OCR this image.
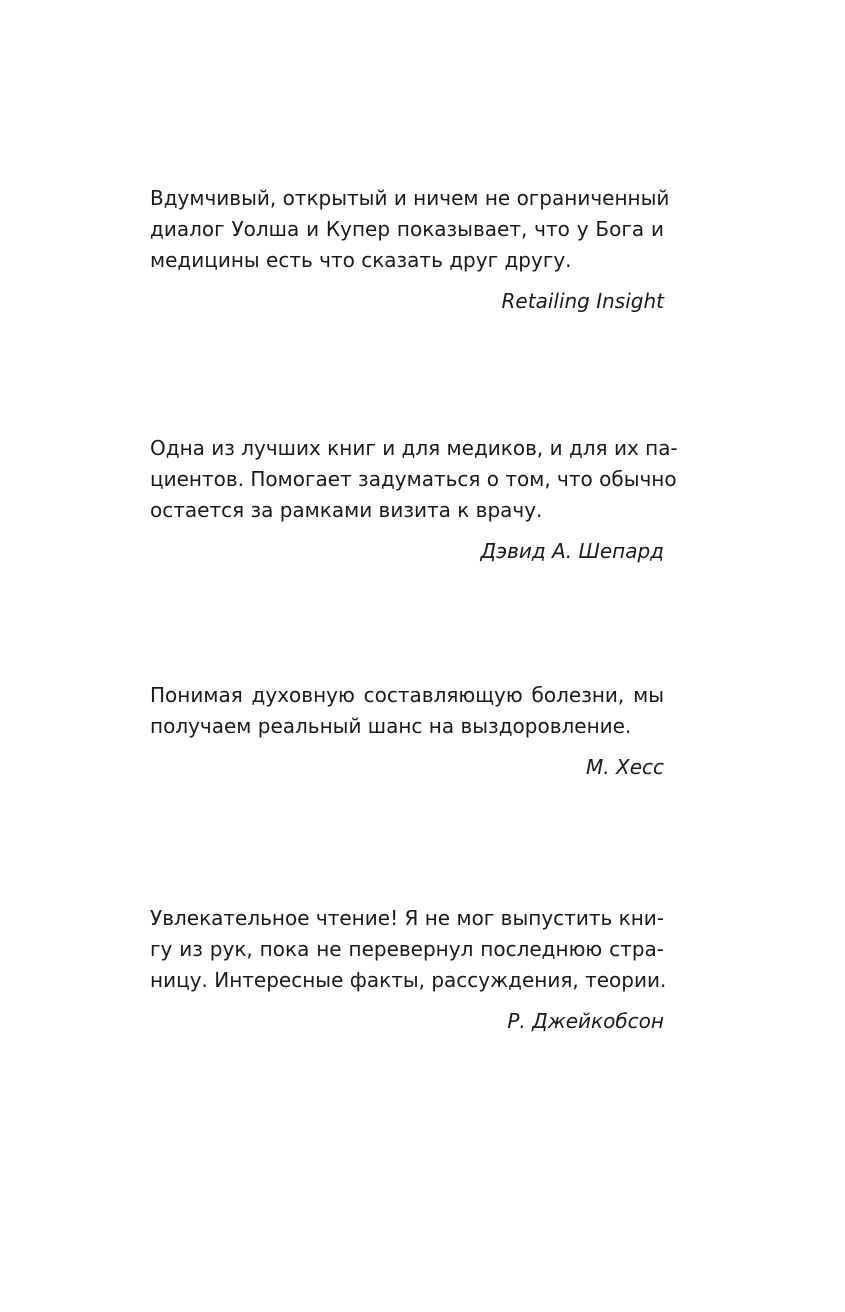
Вдумчивый, открытый и ничем не ограниченный
диалог Уолша и Купер показывает, что у Бога и
медицины есть что сказать друг другу.
Retailing Insight
Одна из лучших книг и для медиков, и для их па-
циентов. Помогает задуматься о том, что обычно
остается за рамками визита к врачу.
Дэвид А. Шепард
Понимая духовную составляющую болезни, мы
получаем реальный шанс на выздоровление.
М. Хесс
Увлекательное чтение! Я не мог выпустить кни-
гу из рук, пока не перевернул последнюю стра-
ницу. Интересные факты, рассуждения, теории.
Р. Джейкобсон
